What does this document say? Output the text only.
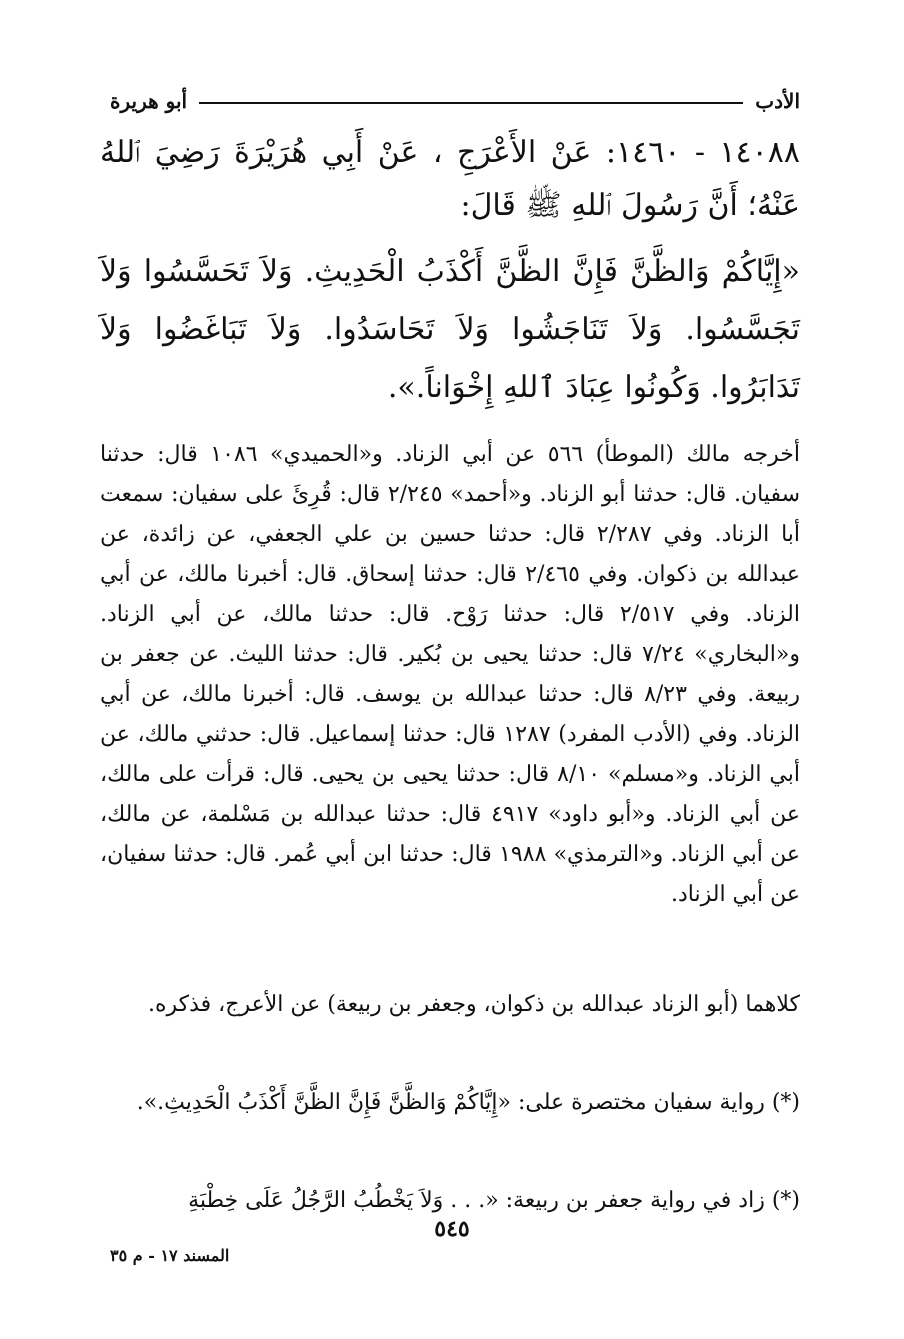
الأدب
أبو هريرة
١٤٠٨٨ - ١٤٦٠: عَنْ الأَعْرَجِ ، عَنْ أَبِي هُرَيْرَةَ رَضِيَ ٱللهُ عَنْهُ؛ أَنَّ رَسُولَ ٱللهِ ﷺ قَالَ:
«إِيَّاكُمْ وَالظَّنَّ فَإِنَّ الظَّنَّ أَكْذَبُ الْحَدِيثِ. وَلاَ تَحَسَّسُوا وَلاَ تَجَسَّسُوا. وَلاَ تَنَاجَشُوا وَلاَ تَحَاسَدُوا. وَلاَ تَبَاغَضُوا وَلاَ تَدَابَرُوا. وَكُونُوا عِبَادَ ٱللهِ إِخْوَاناً.».
أخرجه مالك (الموطأ) ٥٦٦ عن أبي الزناد. و«الحميدي» ١٠٨٦ قال: حدثنا سفيان. قال: حدثنا أبو الزناد. و«أحمد» ٢/٢٤٥ قال: قُرِئَ على سفيان: سمعت أبا الزناد. وفي ٢/٢٨٧ قال: حدثنا حسين بن علي الجعفي، عن زائدة، عن عبدالله بن ذكوان. وفي ٢/٤٦٥ قال: حدثنا إسحاق. قال: أخبرنا مالك، عن أبي الزناد. وفي ٢/٥١٧ قال: حدثنا رَوْح. قال: حدثنا مالك، عن أبي الزناد. و«البخاري» ٧/٢٤ قال: حدثنا يحيى بن بُكير. قال: حدثنا الليث. عن جعفر بن ربيعة. وفي ٨/٢٣ قال: حدثنا عبدالله بن يوسف. قال: أخبرنا مالك، عن أبي الزناد. وفي (الأدب المفرد) ١٢٨٧ قال: حدثنا إسماعيل. قال: حدثني مالك، عن أبي الزناد. و«مسلم» ٨/١٠ قال: حدثنا يحيى بن يحيى. قال: قرأت على مالك، عن أبي الزناد. و«أبو داود» ٤٩١٧ قال: حدثنا عبدالله بن مَسْلمة، عن مالك، عن أبي الزناد. و«الترمذي» ١٩٨٨ قال: حدثنا ابن أبي عُمر. قال: حدثنا سفيان، عن أبي الزناد.
كلاهما (أبو الزناد عبدالله بن ذكوان، وجعفر بن ربيعة) عن الأعرج، فذكره.
(*) رواية سفيان مختصرة على: «إِيَّاكُمْ وَالظَّنَّ فَإِنَّ الظَّنَّ أَكْذَبُ الْحَدِيثِ.».
(*) زاد في رواية جعفر بن ربيعة: «. . . وَلاَ يَخْطُبُ الرَّجُلُ عَلَى خِطْبَةِ
٥٤٥
المسند ١٧ - م ٣٥
